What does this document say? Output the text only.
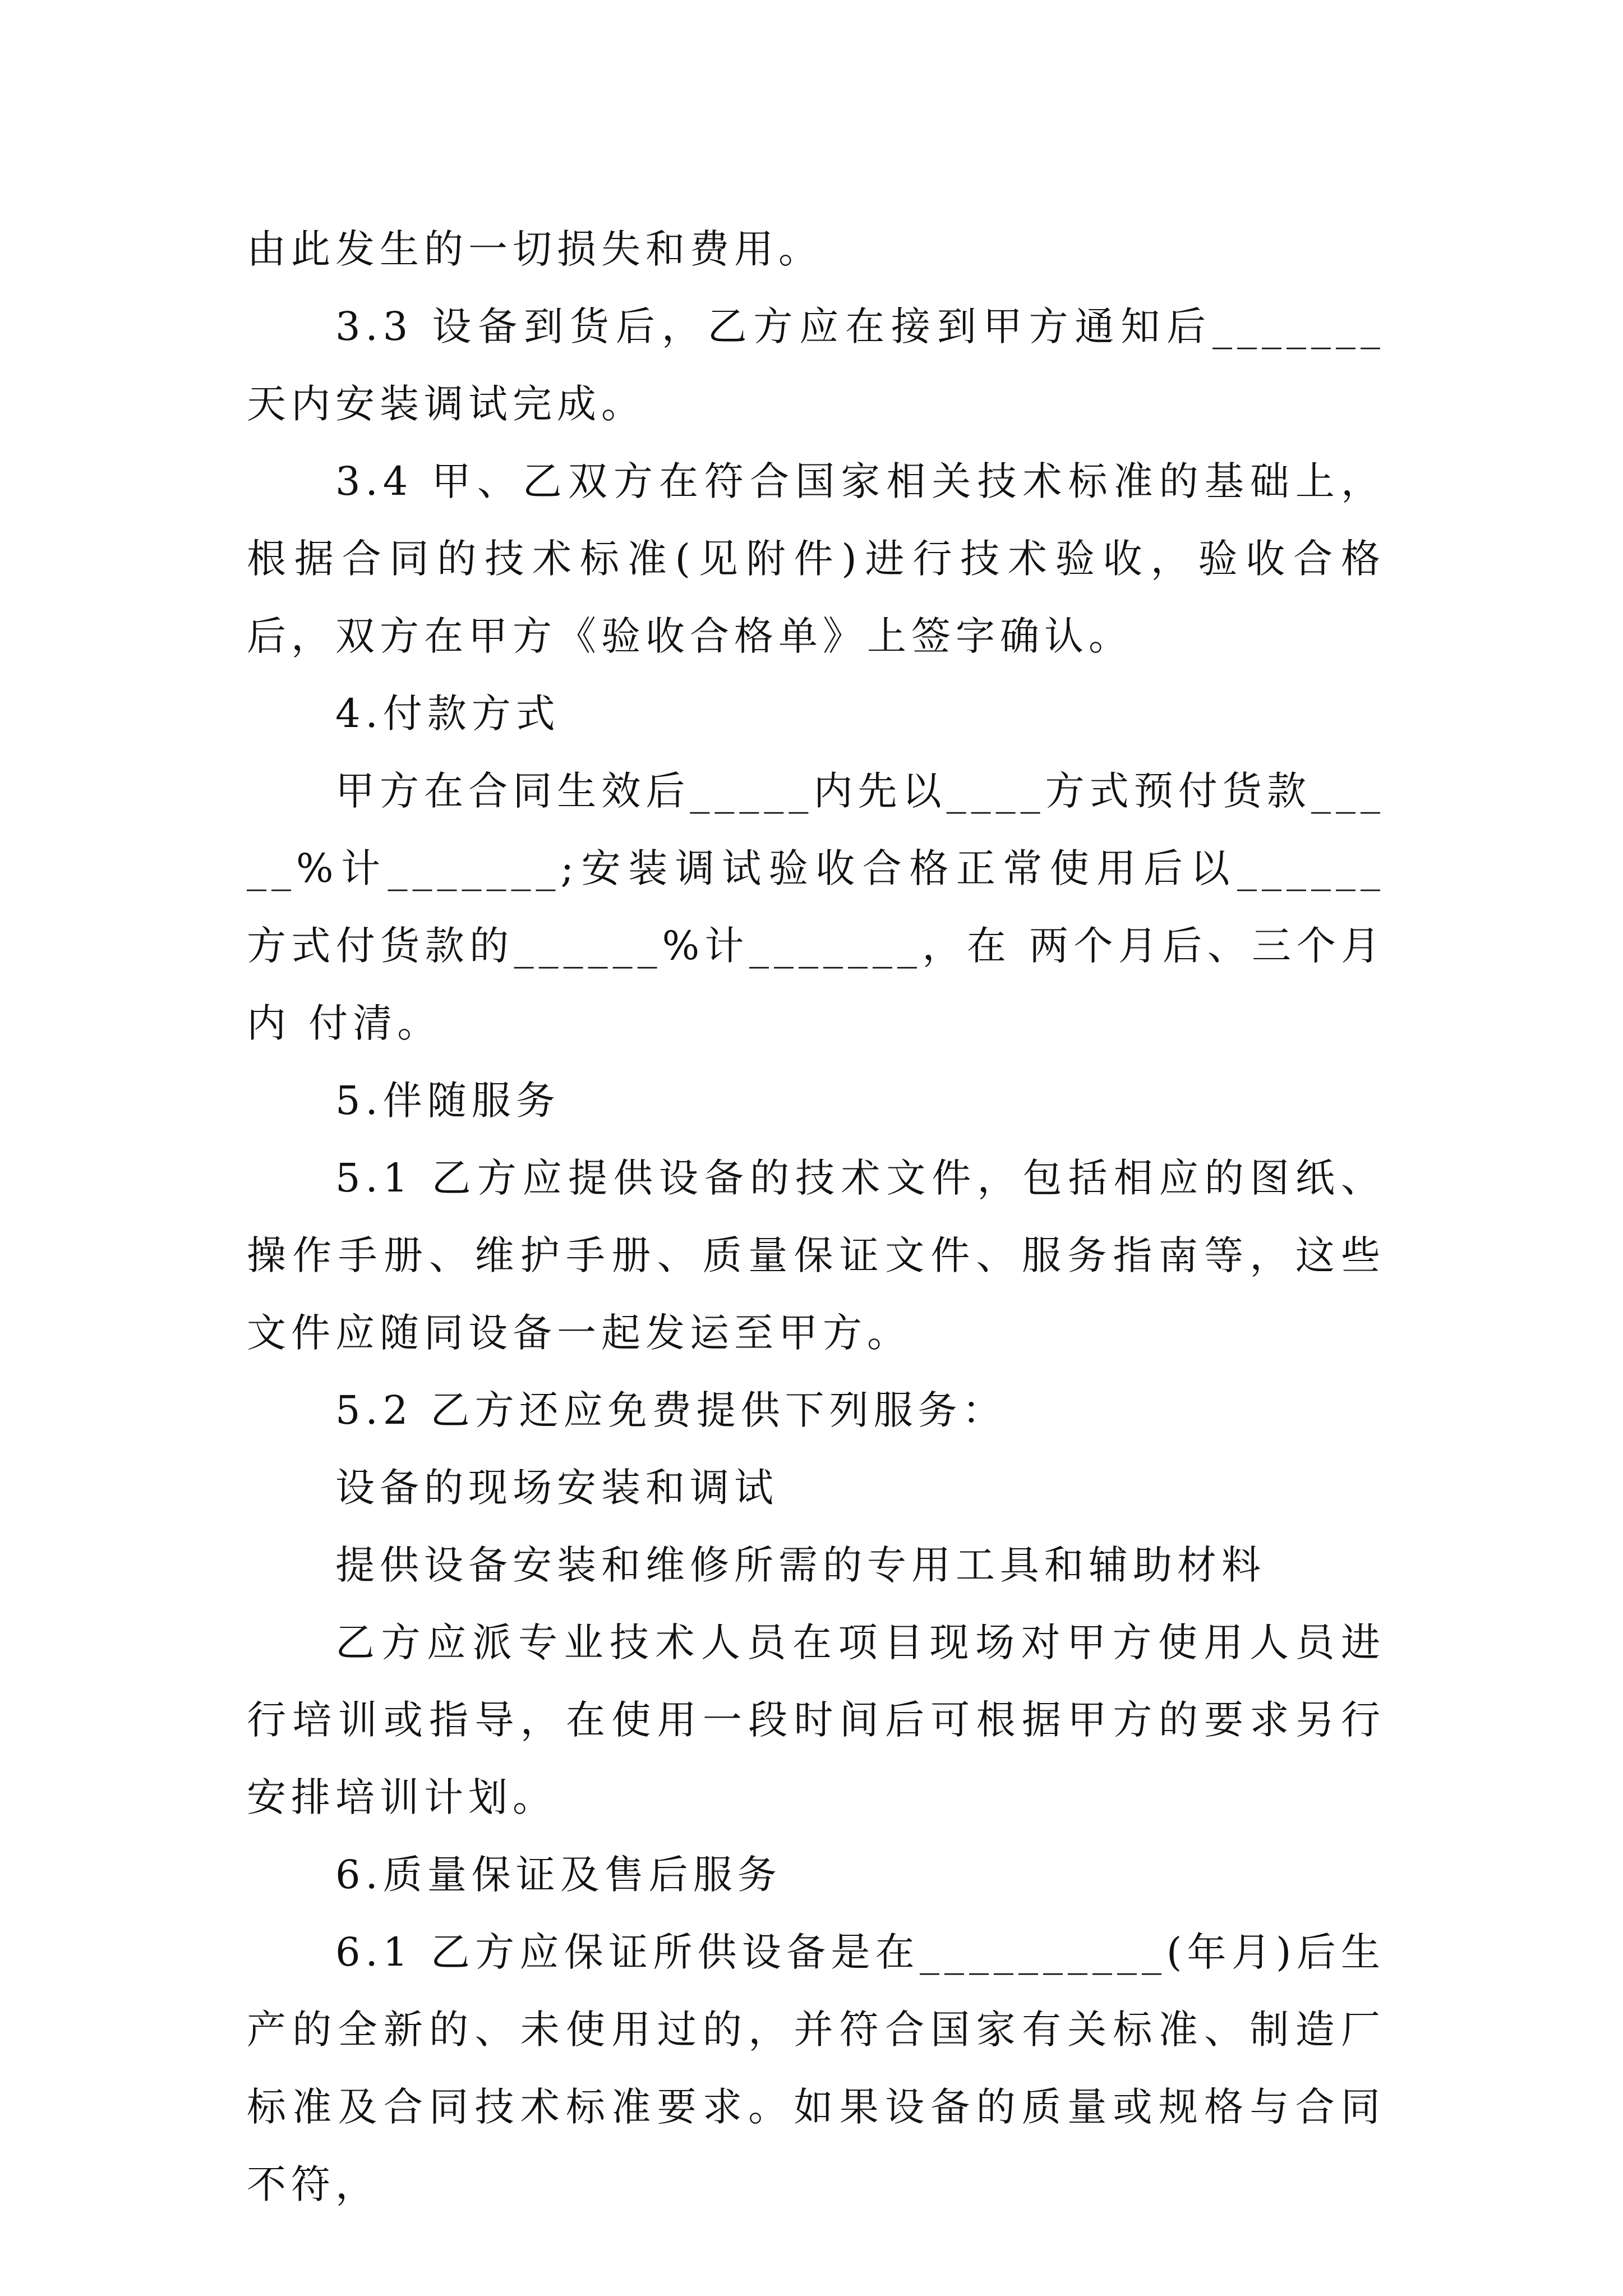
由此发生的一切损失和费用。

3.3 设备到货后，乙方应在接到甲方通知后_______天内安装调试完成。

3.4 甲、乙双方在符合国家相关技术标准的基础上，根据合同的技术标准(见附件)进行技术验收，验收合格后，双方在甲方《验收合格单》上签字确认。

4.付款方式

甲方在合同生效后_____内先以____方式预付货款_____%计_______;安装调试验收合格正常使用后以______方式付货款的______%计_______，在 两个月后、三个月内 付清。

5.伴随服务

5.1 乙方应提供设备的技术文件，包括相应的图纸、操作手册、维护手册、质量保证文件、服务指南等，这些文件应随同设备一起发运至甲方。

5.2 乙方还应免费提供下列服务：

设备的现场安装和调试

提供设备安装和维修所需的专用工具和辅助材料

乙方应派专业技术人员在项目现场对甲方使用人员进行培训或指导，在使用一段时间后可根据甲方的要求另行安排培训计划。

6.质量保证及售后服务

6.1 乙方应保证所供设备是在__________(年月)后生产的全新的、未使用过的，并符合国家有关标准、制造厂标准及合同技术标准要求。如果设备的质量或规格与合同不符，
